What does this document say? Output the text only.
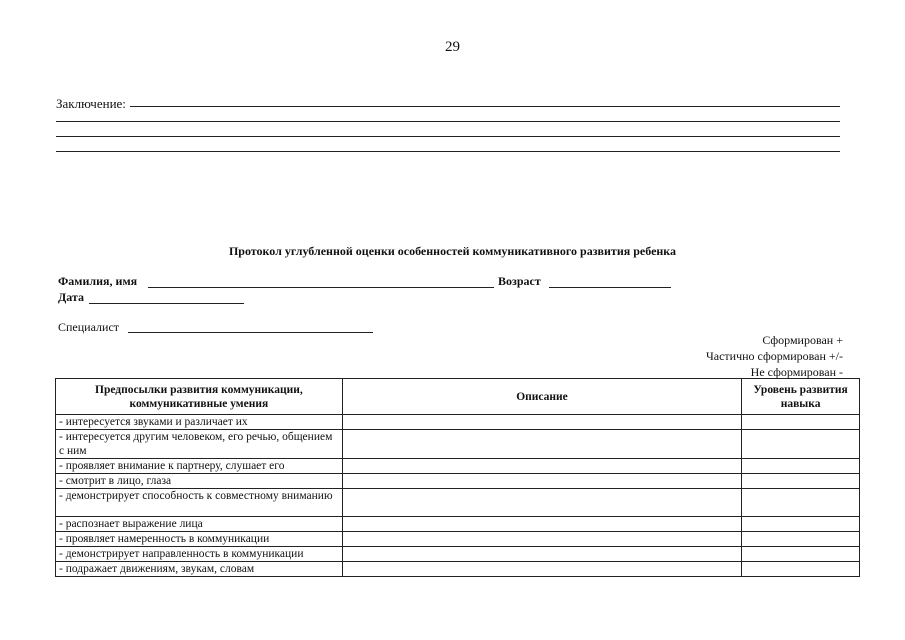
29
Заключение:
Протокол углубленной оценки особенностей коммуникативного развития ребенка
Фамилия, имя	Возраст
Дата
Специалист
Сформирован +
Частично сформирован +/-
Не сформирован -
Предпосылки развития коммуникации, коммуникативные умения	Описание	Уровень развития навыка
- интересуется звуками и различает их		
- интересуется другим человеком, его речью, общением с ним		
- проявляет внимание к партнеру, слушает его		
- смотрит в лицо, глаза		
- демонстрирует способность к совместному вниманию		
- распознает выражение лица		
- проявляет намеренность в коммуникации		
- демонстрирует направленность в коммуникации		
- подражает движениям, звукам, словам		
